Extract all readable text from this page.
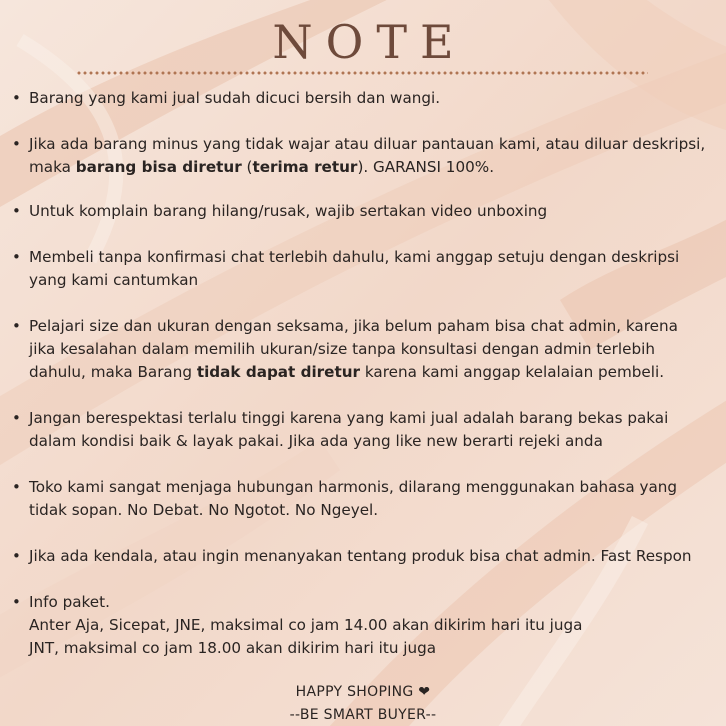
NOTE
• Barang yang kami jual sudah dicuci bersih dan wangi.
• Jika ada barang minus yang tidak wajar atau diluar pantauan kami, atau diluar deskripsi,
maka barang bisa diretur (terima retur). GARANSI 100%.
• Untuk komplain barang hilang/rusak, wajib sertakan video unboxing
• Membeli tanpa konfirmasi chat terlebih dahulu, kami anggap setuju dengan deskripsi
yang kami cantumkan
• Pelajari size dan ukuran dengan seksama, jika belum paham bisa chat admin, karena
jika kesalahan dalam memilih ukuran/size tanpa konsultasi dengan admin terlebih
dahulu, maka Barang tidak dapat diretur karena kami anggap kelalaian pembeli.
• Jangan berespektasi terlalu tinggi karena yang kami jual adalah barang bekas pakai
dalam kondisi baik & layak pakai. Jika ada yang like new berarti rejeki anda
• Toko kami sangat menjaga hubungan harmonis, dilarang menggunakan bahasa yang
tidak sopan. No Debat. No Ngotot. No Ngeyel.
• Jika ada kendala, atau ingin menanyakan tentang produk bisa chat admin. Fast Respon
• Info paket.
Anter Aja, Sicepat, JNE, maksimal co jam 14.00 akan dikirim hari itu juga
JNT, maksimal co jam 18.00 akan dikirim hari itu juga
HAPPY SHOPING ❤
--BE SMART BUYER--
